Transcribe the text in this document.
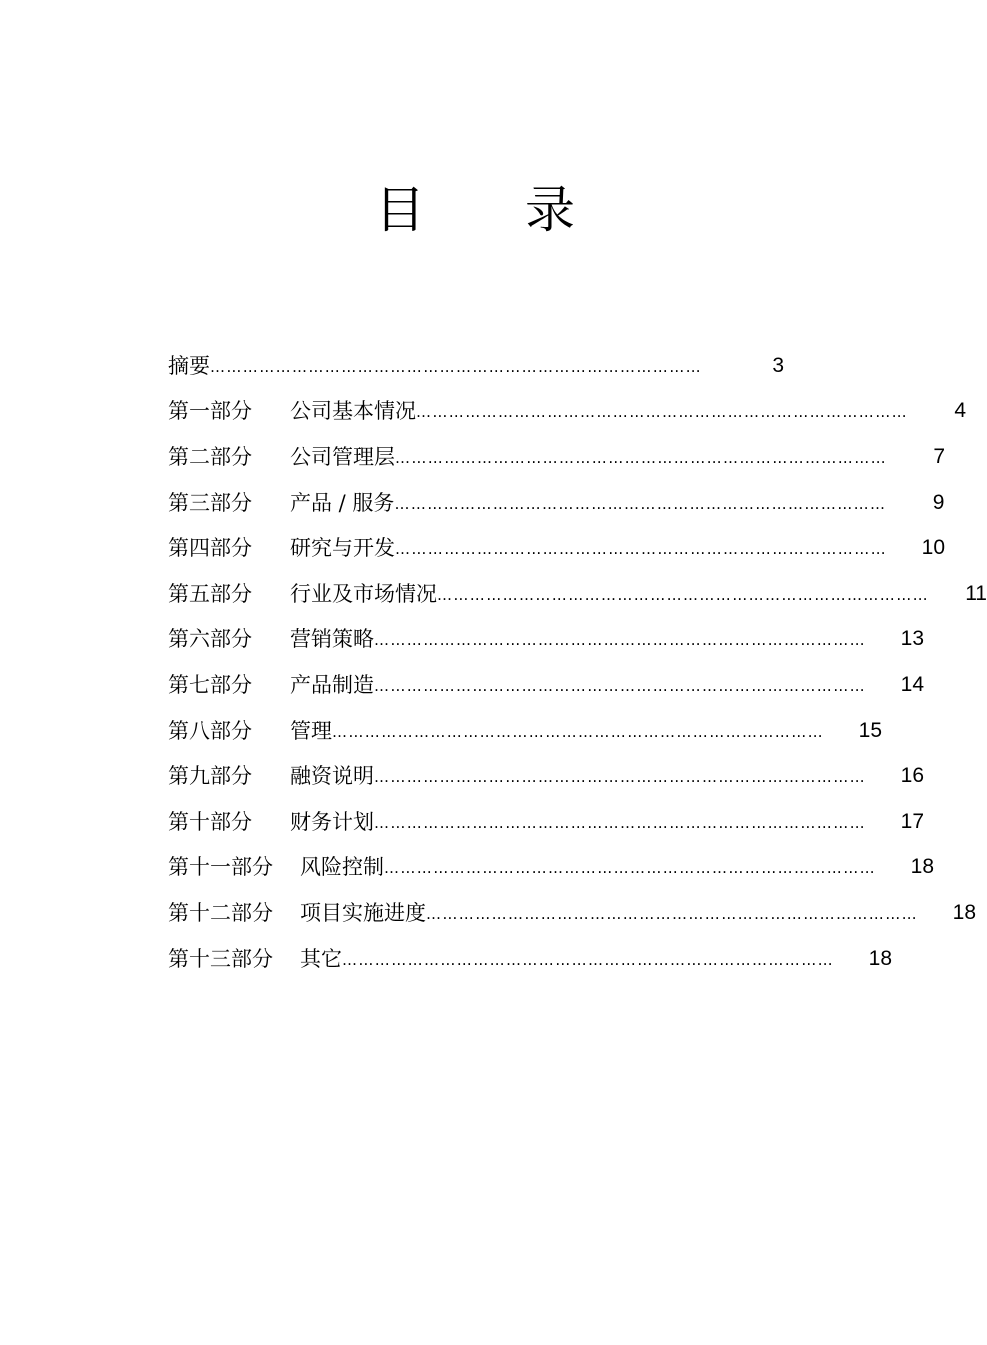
目 录
摘要 ………………………………………………………………………………	3
第一部分	公司基本情况 ………………………………………………………………………………	4
第二部分	公司管理层 ………………………………………………………………………………	7
第三部分	产品 / 服务 ………………………………………………………………………………	9
第四部分	研究与开发 ………………………………………………………………………………	10
第五部分	行业及市场情况 ………………………………………………………………………………	11
第六部分	营销策略 ………………………………………………………………………………	13
第七部分	产品制造 ………………………………………………………………………………	14
第八部分	管理 ………………………………………………………………………………	15
第九部分	融资说明 ………………………………………………………………………………	16
第十部分	财务计划 ………………………………………………………………………………	17
第十一部分	风险控制 ………………………………………………………………………………	18
第十二部分	项目实施进度 ………………………………………………………………………………	18
第十三部分	其它 ………………………………………………………………………………	18
